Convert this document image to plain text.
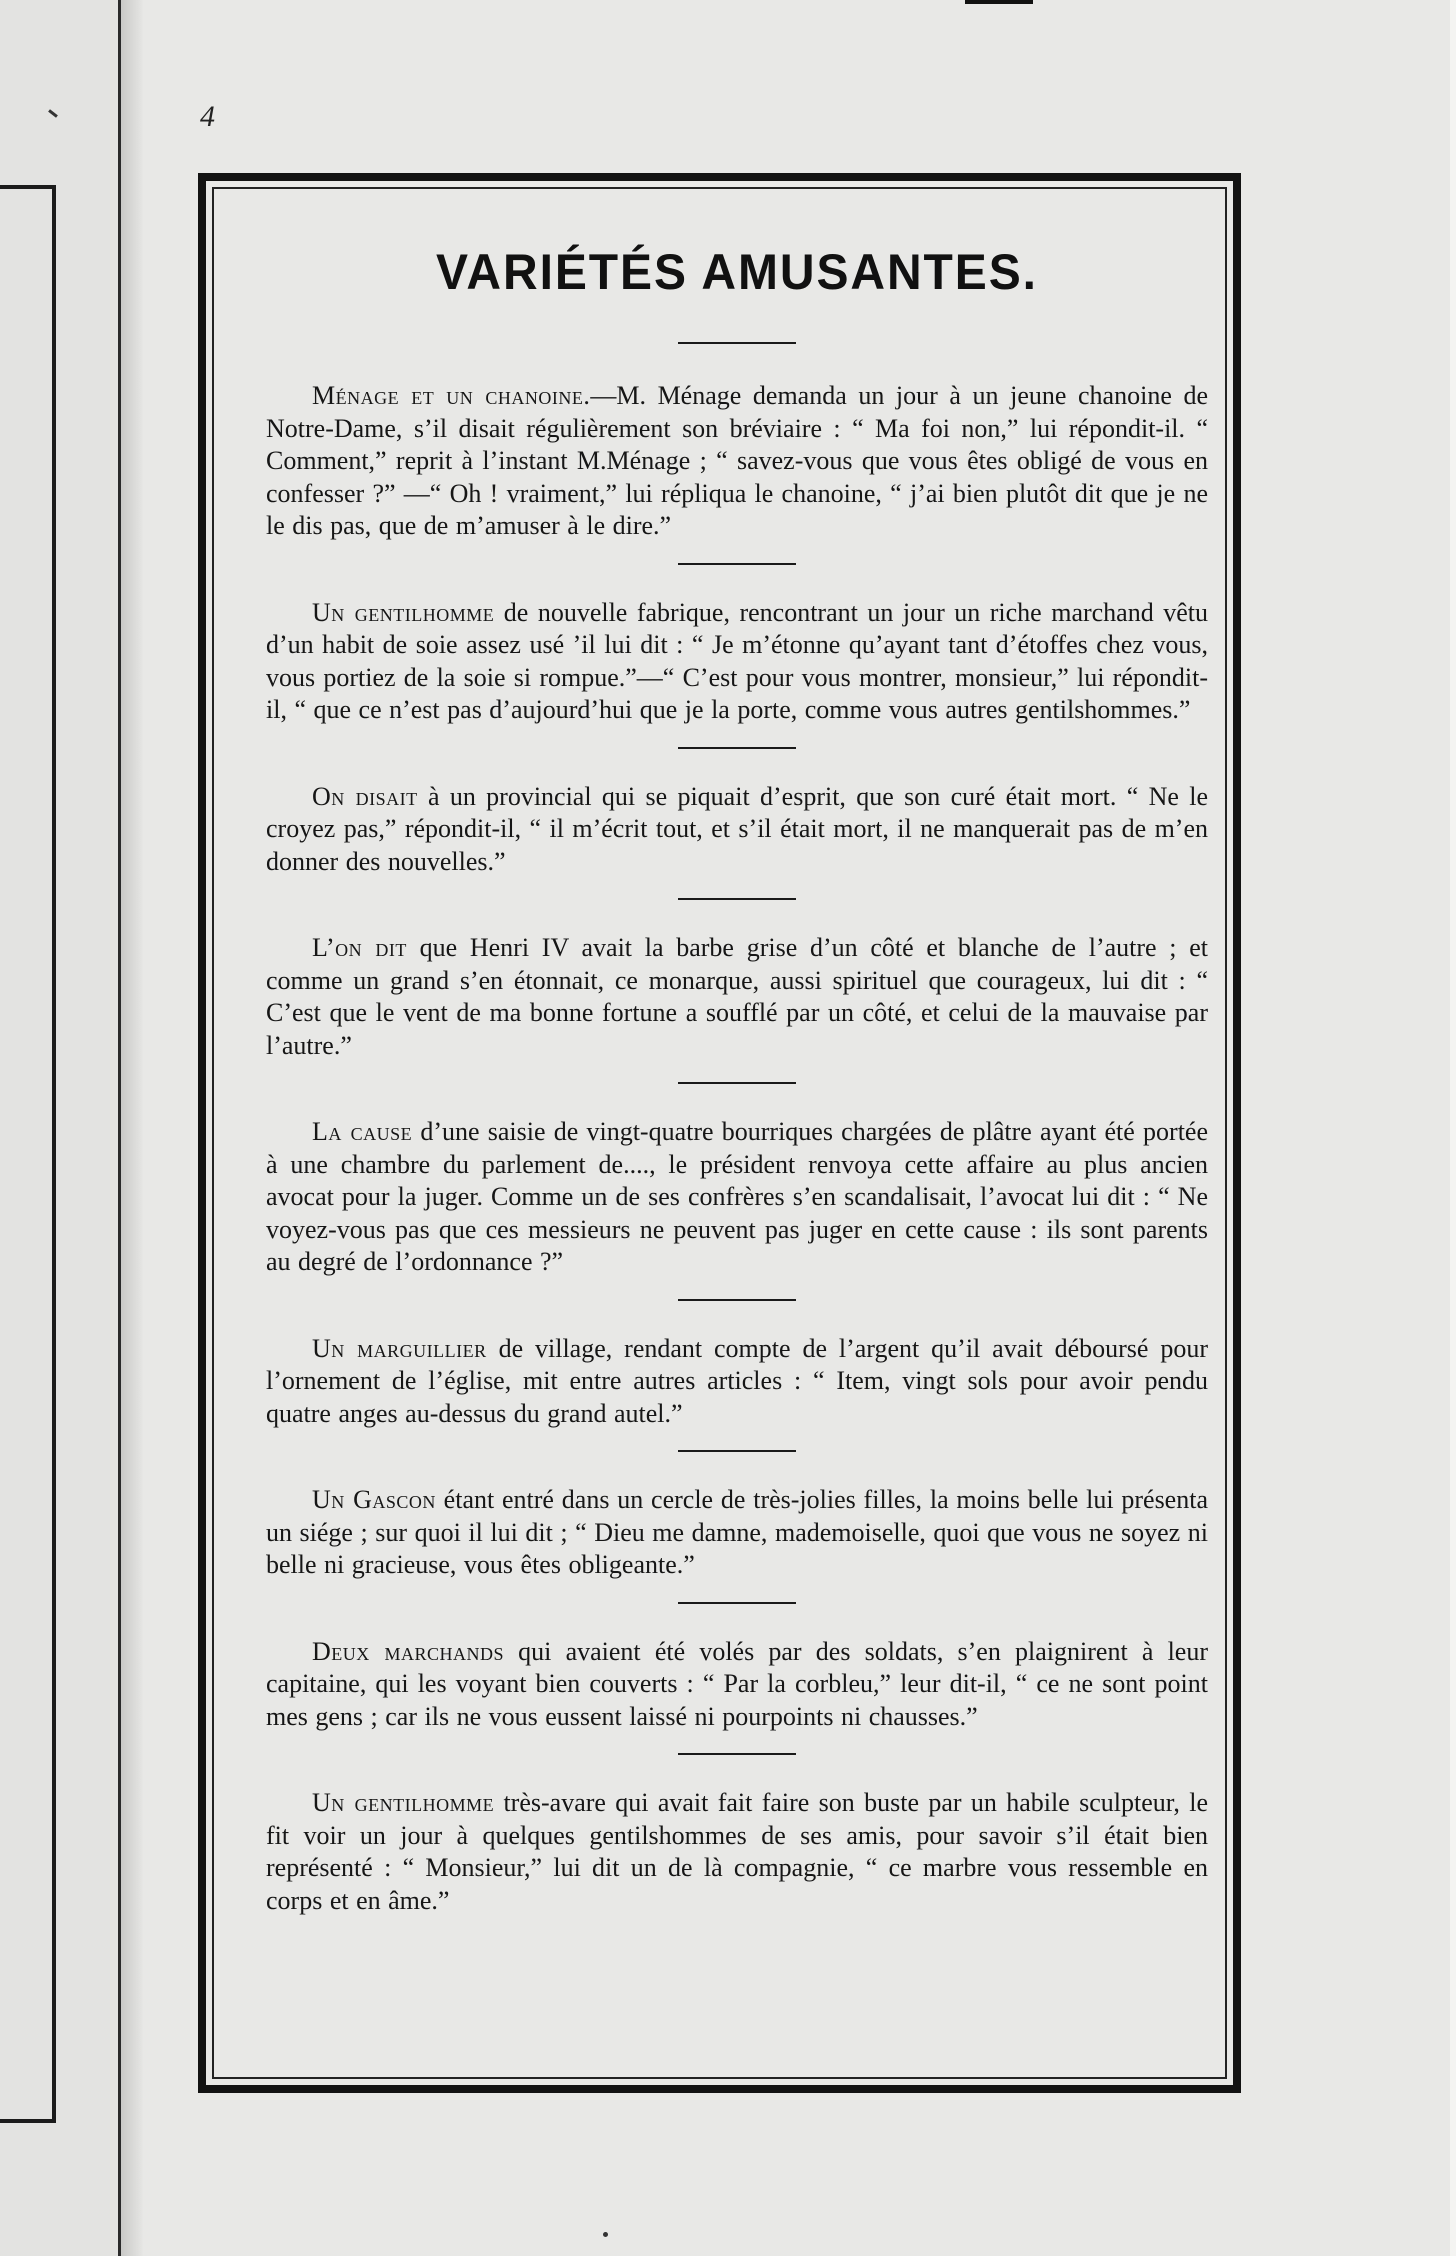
4
VARIÉTÉS AMUSANTES.

Ménage et un chanoine.—M. Ménage demanda un jour à un jeune chanoine de Notre-Dame, s’il disait régulièrement son bréviaire : “ Ma foi non,” lui répondit-il. “ Comment,” reprit à l’instant M.Ménage ; “ savez-vous que vous êtes obligé de vous en confesser ?” —“ Oh ! vraiment,” lui répliqua le chanoine, “ j’ai bien plutôt dit que je ne le dis pas, que de m’amuser à le dire.”

Un gentilhomme de nouvelle fabrique, rencontrant un jour un riche marchand vêtu d’un habit de soie assez usé ’il lui dit : “ Je m’étonne qu’ayant tant d’étoffes chez vous, vous portiez de la soie si rompue.”—“ C’est pour vous montrer, monsieur,” lui répondit-il, “ que ce n’est pas d’aujourd’hui que je la porte, comme vous autres gentilshommes.”

On disait à un provincial qui se piquait d’esprit, que son curé était mort. “ Ne le croyez pas,” répondit-il, “ il m’écrit tout, et s’il était mort, il ne manquerait pas de m’en donner des nouvelles.”

L’on dit que Henri IV avait la barbe grise d’un côté et blanche de l’autre ; et comme un grand s’en étonnait, ce monarque, aussi spirituel que courageux, lui dit : “ C’est que le vent de ma bonne fortune a soufflé par un côté, et celui de la mauvaise par l’autre.”

La cause d’une saisie de vingt-quatre bourriques chargées de plâtre ayant été portée à une chambre du parlement de...., le président renvoya cette affaire au plus ancien avocat pour la juger. Comme un de ses confrères s’en scandalisait, l’avocat lui dit : “ Ne voyez-vous pas que ces messieurs ne peuvent pas juger en cette cause : ils sont parents au degré de l’ordonnance ?”

Un marguillier de village, rendant compte de l’argent qu’il avait déboursé pour l’ornement de l’église, mit entre autres articles : “ Item, vingt sols pour avoir pendu quatre anges au-dessus du grand autel.”

Un Gascon étant entré dans un cercle de très-jolies filles, la moins belle lui présenta un siége ; sur quoi il lui dit ; “ Dieu me damne, mademoiselle, quoi que vous ne soyez ni belle ni gracieuse, vous êtes obligeante.”

Deux marchands qui avaient été volés par des soldats, s’en plaignirent à leur capitaine, qui les voyant bien couverts : “ Par la corbleu,” leur dit-il, “ ce ne sont point mes gens ; car ils ne vous eussent laissé ni pourpoints ni chausses.”

Un gentilhomme très-avare qui avait fait faire son buste par un habile sculpteur, le fit voir un jour à quelques gentilshommes de ses amis, pour savoir s’il était bien représenté : “ Monsieur,” lui dit un de là compagnie, “ ce marbre vous ressemble en corps et en âme.”
